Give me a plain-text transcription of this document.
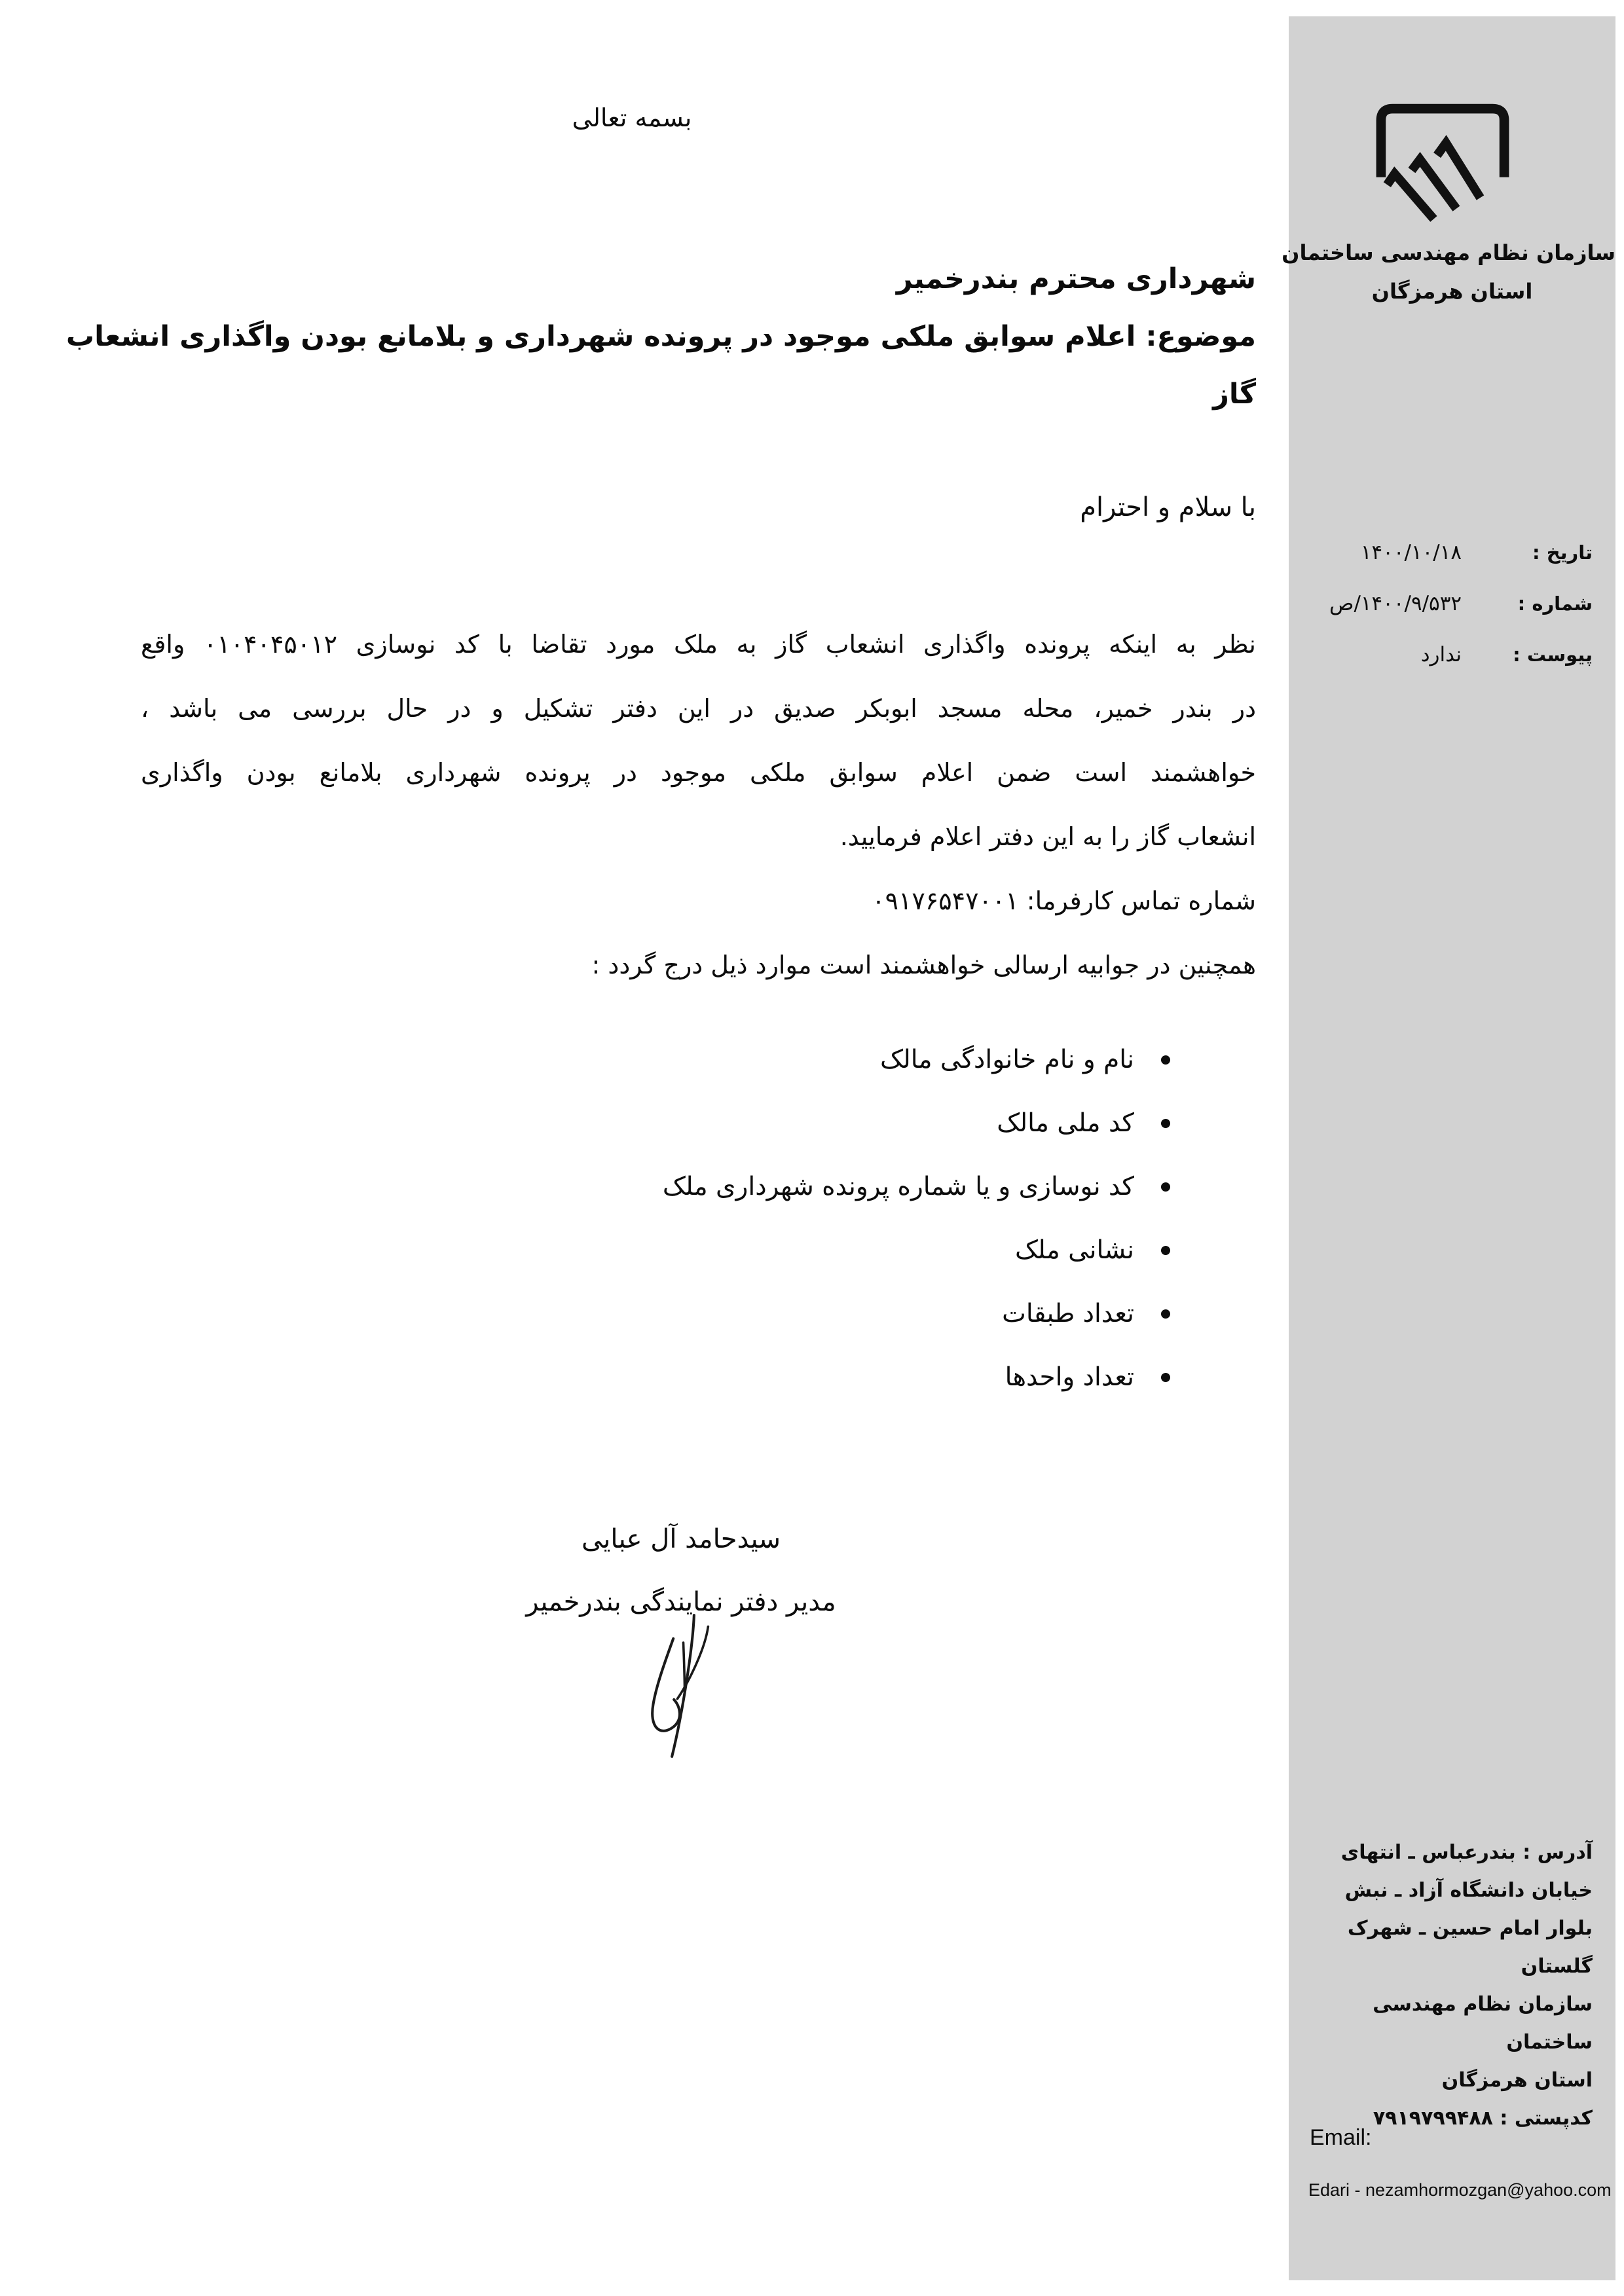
بسمه تعالی
شهرداری محترم بندرخمیر
موضوع: اعلام سوابق ملکی موجود در پرونده شهرداری و بلامانع بودن واگذاری انشعاب
گاز
با سلام و احترام
نظر به اینکه پرونده واگذاری انشعاب گاز به ملک مورد تقاضا با کد نوسازی ۰۱۰۴۰۴۵۰۱۲ واقع
در بندر خمیر، محله مسجد ابوبکر صدیق در این دفتر تشکیل و در حال بررسی می باشد ،
خواهشمند است ضمن اعلام سوابق ملکی موجود در پرونده شهرداری بلامانع بودن واگذاری
انشعاب گاز را به این دفتر اعلام فرمایید.
شماره تماس کارفرما: ۰۹۱۷۶۵۴۷۰۰۱
همچنین در جوابیه ارسالی خواهشمند است موارد ذیل درج گردد :
نام و نام خانوادگی مالک
کد ملی مالک
کد نوسازی و یا شماره پرونده شهرداری ملک
نشانی ملک
تعداد طبقات
تعداد واحدها
سیدحامد آل عبایی
مدیر دفتر نمایندگی بندرخمیر
سازمان نظام مهندسی ساختمان
استان هرمزگان
تاریخ :
۱۴۰۰/۱۰/۱۸
شماره :
۱۴۰۰/۹/۵۳۲/ص
پیوست :
ندارد
آدرس : بندرعباس ـ انتهای
خیابان دانشگاه آزاد ـ نبش
بلوار امام حسین ـ شهرک
گلستان
سازمان نظام مهندسی ساختمان
استان هرمزگان
کدپستی : ۷۹۱۹۷۹۹۴۸۸
Email:
Edari - nezamhormozgan@yahoo.com
